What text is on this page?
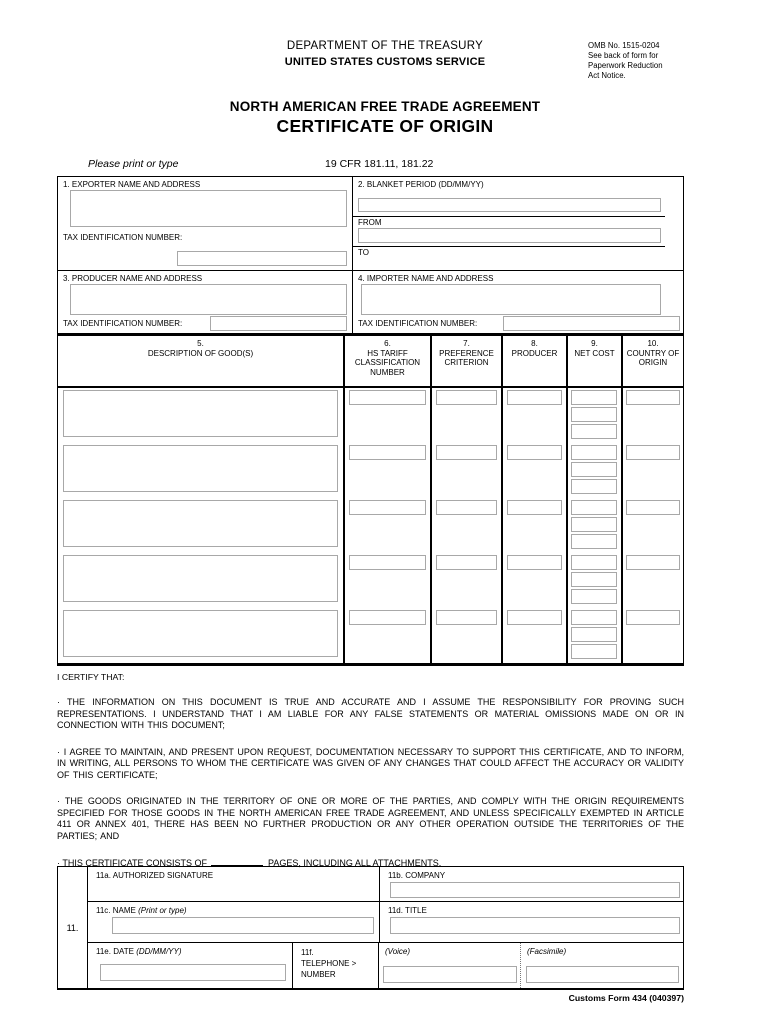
DEPARTMENT OF THE TREASURY
UNITED STATES CUSTOMS SERVICE
OMB No. 1515-0204
See back of form for
Paperwork Reduction
Act Notice.
NORTH AMERICAN FREE TRADE AGREEMENT
CERTIFICATE OF ORIGIN
Please print or type	19 CFR 181.11, 181.22
1. EXPORTER NAME AND ADDRESS
TAX IDENTIFICATION NUMBER:
2. BLANKET PERIOD (DD/MM/YY)
FROM
TO
3. PRODUCER NAME AND ADDRESS
TAX IDENTIFICATION NUMBER:
4. IMPORTER NAME AND ADDRESS
TAX IDENTIFICATION NUMBER:
5.
DESCRIPTION OF GOOD(S)
6.
HS TARIFF CLASSIFICATION NUMBER
7.
PREFERENCE CRITERION
8.
PRODUCER
9.
NET COST
10.
COUNTRY OF ORIGIN
I CERTIFY THAT:

· THE INFORMATION ON THIS DOCUMENT IS TRUE AND ACCURATE AND I ASSUME THE RESPONSIBILITY FOR PROVING SUCH REPRESENTATIONS. I UNDERSTAND THAT I AM LIABLE FOR ANY FALSE STATEMENTS OR MATERIAL OMISSIONS MADE ON OR IN CONNECTION WITH THIS DOCUMENT;

· I AGREE TO MAINTAIN, AND PRESENT UPON REQUEST, DOCUMENTATION NECESSARY TO SUPPORT THIS CERTIFICATE, AND TO INFORM, IN WRITING, ALL PERSONS TO WHOM THE CERTIFICATE WAS GIVEN OF ANY CHANGES THAT COULD AFFECT THE ACCURACY OR VALIDITY OF THIS CERTIFICATE;

· THE GOODS ORIGINATED IN THE TERRITORY OF ONE OR MORE OF THE PARTIES, AND COMPLY WITH THE ORIGIN REQUIREMENTS SPECIFIED FOR THOSE GOODS IN THE NORTH AMERICAN FREE TRADE AGREEMENT, AND UNLESS SPECIFICALLY EXEMPTED IN ARTICLE 411 OR ANNEX 401, THERE HAS BEEN NO FURTHER PRODUCTION OR ANY OTHER OPERATION OUTSIDE THE TERRITORIES OF THE PARTIES; AND

· THIS CERTIFICATE CONSISTS OF	PAGES, INCLUDING ALL ATTACHMENTS.

11.
11a. AUTHORIZED SIGNATURE	11b. COMPANY
11c. NAME (Print or type)	11d. TITLE
11e. DATE (DD/MM/YY)	11f.
TELEPHONE >
NUMBER
(Voice)	(Facsimile)
Customs Form 434 (040397)
